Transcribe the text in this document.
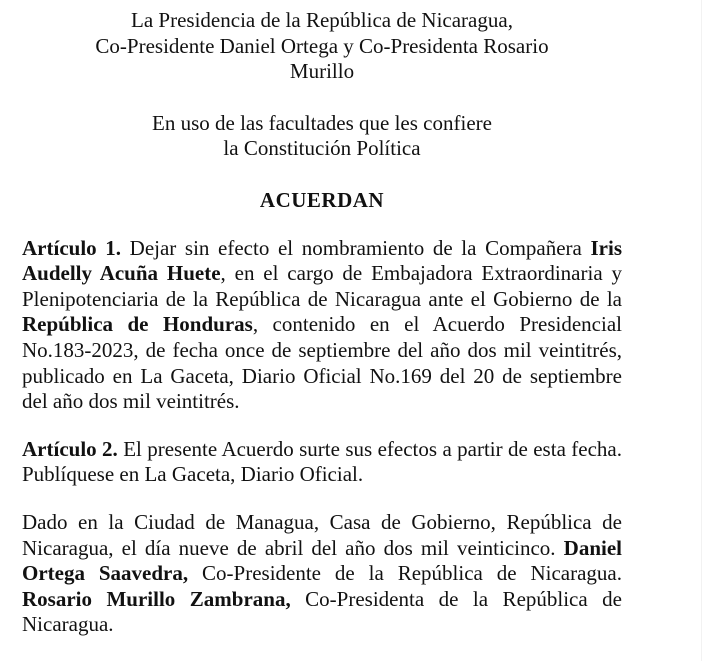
La Presidencia de la República de Nicaragua,
Co-Presidente Daniel Ortega y Co-Presidenta Rosario
Murillo
En uso de las facultades que les confiere
la Constitución Política
ACUERDAN

Artículo 1. Dejar sin efecto el nombramiento de la Compañera Iris Audelly Acuña Huete, en el cargo de Embajadora Extraordinaria y Plenipotenciaria de la República de Nicaragua ante el Gobierno de la República de Honduras, contenido en el Acuerdo Presidencial No.183-2023, de fecha once de septiembre del año dos mil veintitrés, publicado en La Gaceta, Diario Oficial No.169 del 20 de septiembre del año dos mil veintitrés.

Artículo 2. El presente Acuerdo surte sus efectos a partir de esta fecha. Publíquese en La Gaceta, Diario Oficial.

Dado en la Ciudad de Managua, Casa de Gobierno, República de Nicaragua, el día nueve de abril del año dos mil veinticinco. Daniel Ortega Saavedra, Co-Presidente de la República de Nicaragua. Rosario Murillo Zambrana, Co-Presidenta de la República de Nicaragua.
